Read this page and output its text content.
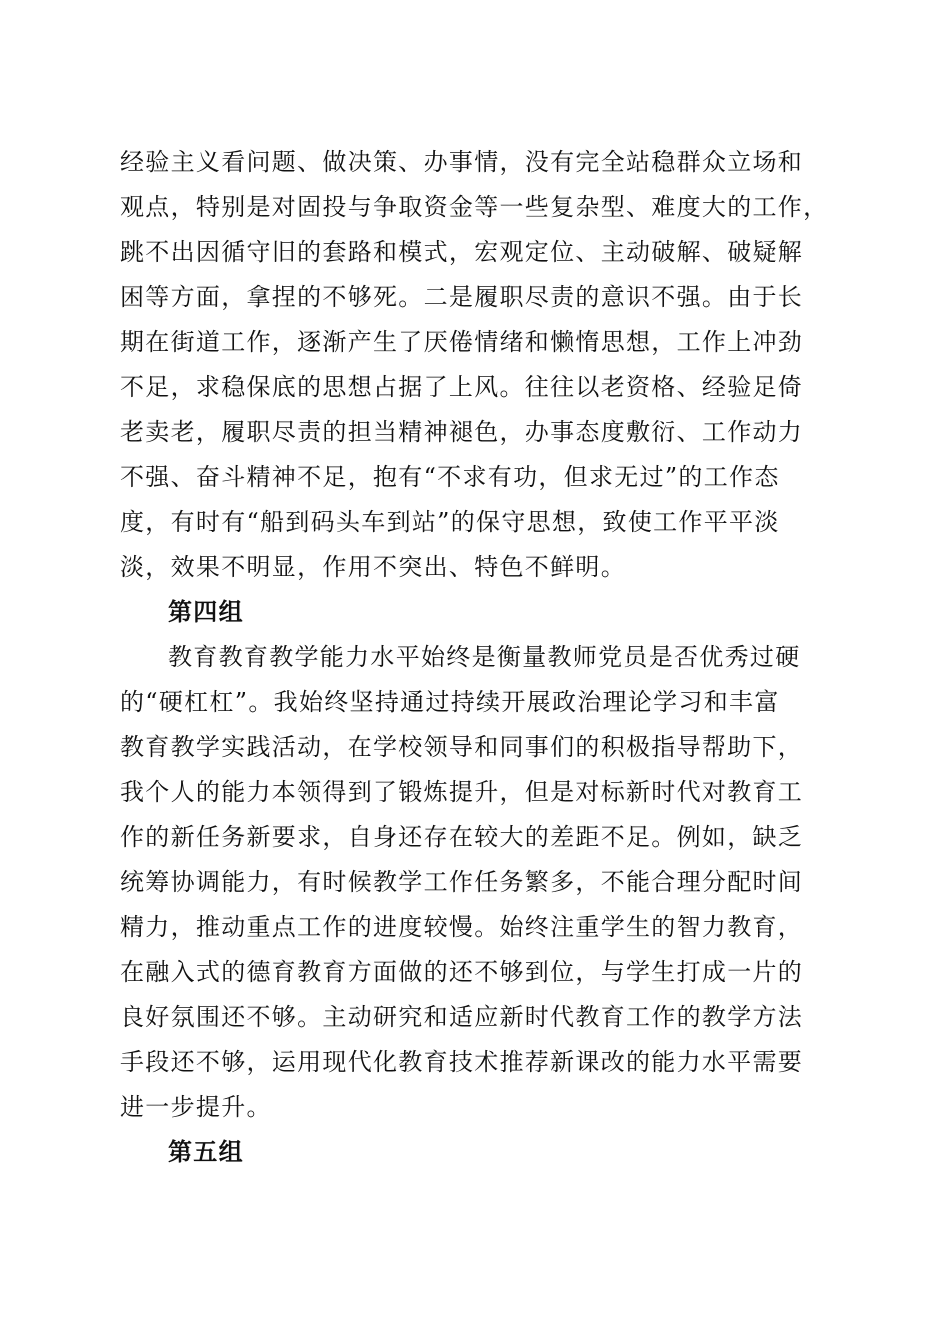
经验主义看问题、做决策、办事情，没有完全站稳群众立场和
观点，特别是对固投与争取资金等一些复杂型、难度大的工作，
跳不出因循守旧的套路和模式，宏观定位、主动破解、破疑解
困等方面，拿捏的不够死。二是履职尽责的意识不强。由于长
期在街道工作，逐渐产生了厌倦情绪和懒惰思想，工作上冲劲
不足，求稳保底的思想占据了上风。往往以老资格、经验足倚
老卖老，履职尽责的担当精神褪色，办事态度敷衍、工作动力
不强、奋斗精神不足，抱有“不求有功，但求无过”的工作态
度，有时有“船到码头车到站”的保守思想，致使工作平平淡
淡，效果不明显，作用不突出、特色不鲜明。
第四组
教育教育教学能力水平始终是衡量教师党员是否优秀过硬
的“硬杠杠”。我始终坚持通过持续开展政治理论学习和丰富
教育教学实践活动，在学校领导和同事们的积极指导帮助下，
我个人的能力本领得到了锻炼提升，但是对标新时代对教育工
作的新任务新要求，自身还存在较大的差距不足。例如，缺乏
统筹协调能力，有时候教学工作任务繁多，不能合理分配时间
精力，推动重点工作的进度较慢。始终注重学生的智力教育，
在融入式的德育教育方面做的还不够到位，与学生打成一片的
良好氛围还不够。主动研究和适应新时代教育工作的教学方法
手段还不够，运用现代化教育技术推荐新课改的能力水平需要
进一步提升。
第五组
